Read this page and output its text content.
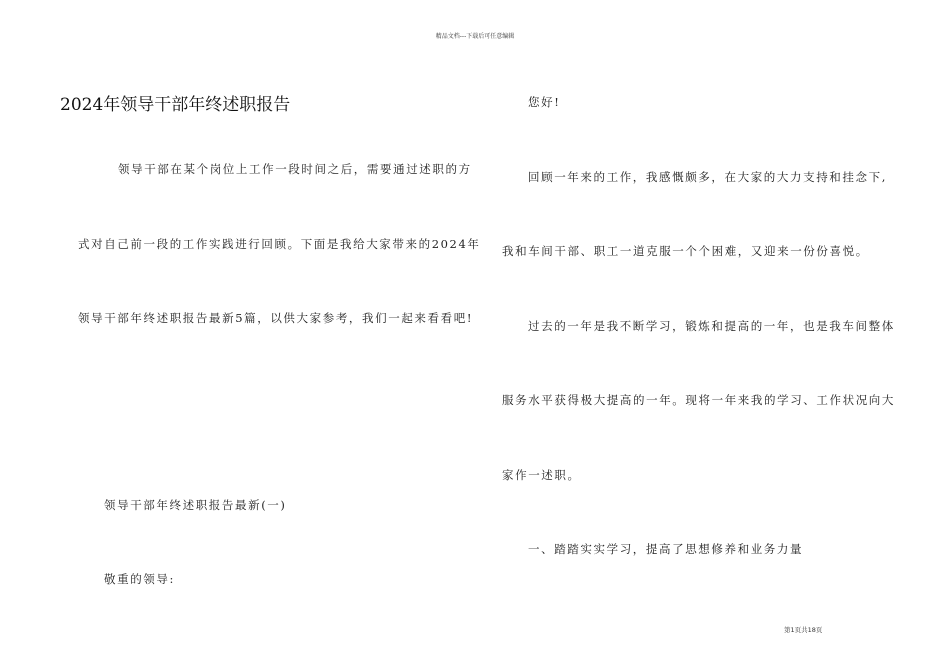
精品文档---下载后可任意编辑
2024年领导干部年终述职报告
领导干部在某个岗位上工作一段时间之后，需要通过述职的方
式对自己前一段的工作实践进行回顾。下面是我给大家带来的2024年
领导干部年终述职报告最新5篇，以供大家参考，我们一起来看看吧!
领导干部年终述职报告最新(一)
敬重的领导:
您好!
回顾一年来的工作，我感慨颇多，在大家的大力支持和挂念下,
我和车间干部、职工一道克服一个个困难，又迎来一份份喜悦。
过去的一年是我不断学习，锻炼和提高的一年，也是我车间整体
服务水平获得极大提高的一年。现将一年来我的学习、工作状况向大
家作一述职。
一、踏踏实实学习，提高了思想修养和业务力量
第1页共18页
